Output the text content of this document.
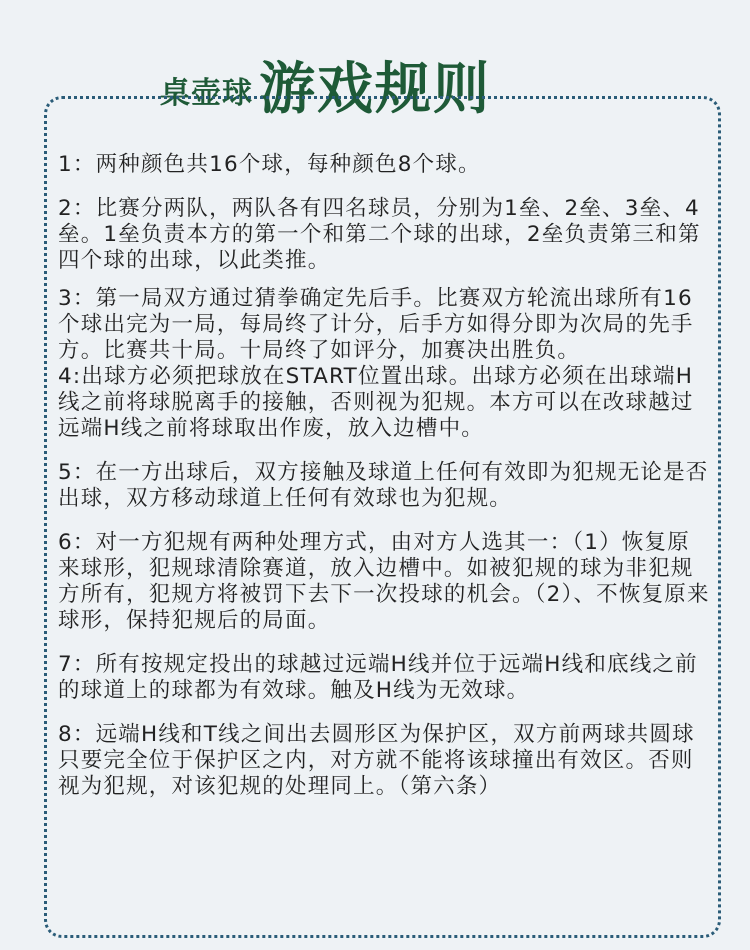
桌壶球 游戏规则
1：两种颜色共16个球，每种颜色8个球。
2：比赛分两队，两队各有四名球员，分别为1垒、2垒、3垒、4垒。1垒负责本方的第一个和第二个球的出球，2垒负责第三和第四个球的出球，以此类推。
3：第一局双方通过猜拳确定先后手。比赛双方轮流出球所有16个球出完为一局，每局终了计分，后手方如得分即为次局的先手方。比赛共十局。十局终了如评分，加赛决出胜负。
4:出球方必须把球放在START位置出球。出球方必须在出球端H线之前将球脱离手的接触，否则视为犯规。本方可以在改球越过远端H线之前将球取出作废，放入边槽中。
5：在一方出球后，双方接触及球道上任何有效即为犯规无论是否出球，双方移动球道上任何有效球也为犯规。
6：对一方犯规有两种处理方式，由对方人选其一：（1）恢复原来球形，犯规球清除赛道，放入边槽中。如被犯规的球为非犯规方所有，犯规方将被罚下去下一次投球的机会。（2）、不恢复原来球形，保持犯规后的局面。
7：所有按规定投出的球越过远端H线并位于远端H线和底线之前的球道上的球都为有效球。触及H线为无效球。
8：远端H线和T线之间出去圆形区为保护区，双方前两球共圆球只要完全位于保护区之内，对方就不能将该球撞出有效区。否则视为犯规，对该犯规的处理同上。（第六条）
